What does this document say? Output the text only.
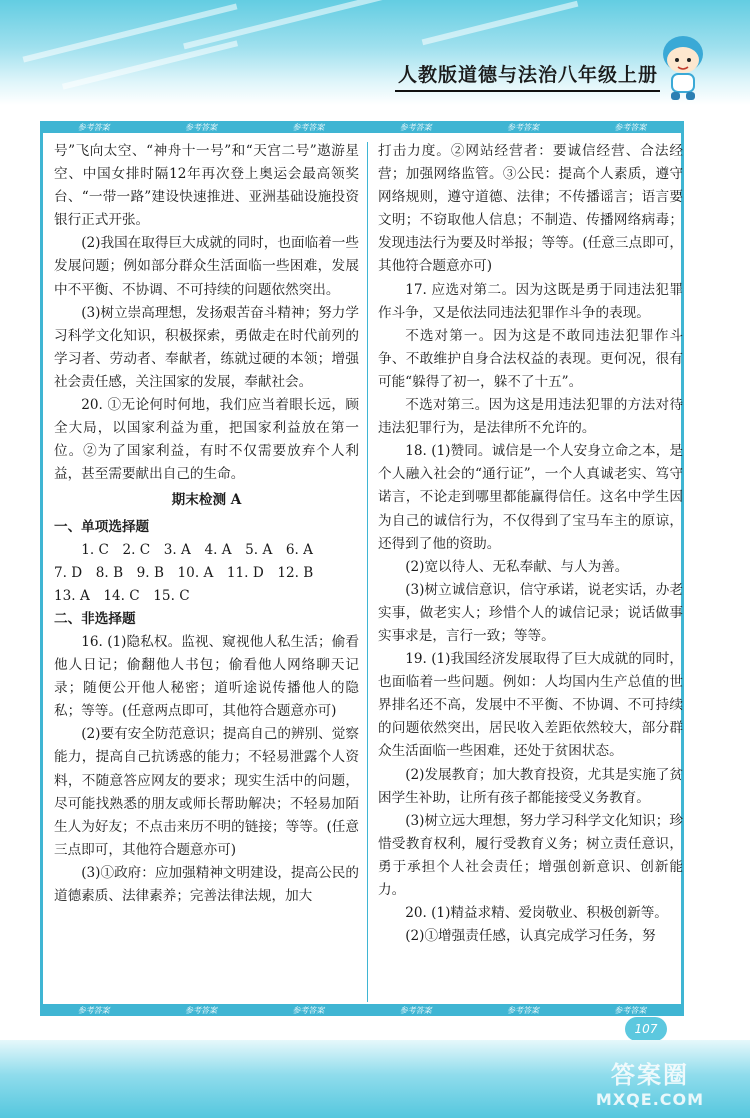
人教版道德与法治八年级上册
参考答案	参考答案	参考答案	参考答案	参考答案	参考答案

号”飞向太空、“神舟十一号”和“天宫二号”遨游星空、中国女排时隔12年再次登上奥运会最高领奖台、“一带一路”建设快速推进、亚洲基础设施投资银行正式开张。

(2)我国在取得巨大成就的同时，也面临着一些发展问题；例如部分群众生活面临一些困难，发展中不平衡、不协调、不可持续的问题依然突出。

(3)树立崇高理想，发扬艰苦奋斗精神；努力学习科学文化知识，积极探索，勇做走在时代前列的学习者、劳动者、奉献者，练就过硬的本领；增强社会责任感，关注国家的发展，奉献社会。

20. ①无论何时何地，我们应当着眼长远，顾全大局，以国家利益为重，把国家利益放在第一位。②为了国家利益，有时不仅需要放弃个人利益，甚至需要献出自己的生命。

期末检测 A

一、单项选择题

1. C　2. C　3. A　4. A　5. A　6. A

7. D　8. B　9. B　10. A　11. D　12. B

13. A　14. C　15. C

二、非选择题

16. (1)隐私权。监视、窥视他人私生活；偷看他人日记；偷翻他人书包；偷看他人网络聊天记录；随便公开他人秘密；道听途说传播他人的隐私；等等。(任意两点即可，其他符合题意亦可)

(2)要有安全防范意识；提高自己的辨别、觉察能力，提高自己抗诱惑的能力；不轻易泄露个人资料，不随意答应网友的要求；现实生活中的问题，尽可能找熟悉的朋友或师长帮助解决；不轻易加陌生人为好友；不点击来历不明的链接；等等。(任意三点即可，其他符合题意亦可)

(3)①政府：应加强精神文明建设，提高公民的道德素质、法律素养；完善法律法规，加大

打击力度。②网站经营者：要诚信经营、合法经营；加强网络监管。③公民：提高个人素质，遵守网络规则，遵守道德、法律；不传播谣言；语言要文明；不窃取他人信息；不制造、传播网络病毒；发现违法行为要及时举报；等等。(任意三点即可，其他符合题意亦可)

17. 应选对第二。因为这既是勇于同违法犯罪作斗争，又是依法同违法犯罪作斗争的表现。

不选对第一。因为这是不敢同违法犯罪作斗争、不敢维护自身合法权益的表现。更何况，很有可能“躲得了初一，躲不了十五”。

不选对第三。因为这是用违法犯罪的方法对待违法犯罪行为，是法律所不允许的。

18. (1)赞同。诚信是一个人安身立命之本，是个人融入社会的“通行证”，一个人真诚老实、笃守诺言，不论走到哪里都能赢得信任。这名中学生因为自己的诚信行为，不仅得到了宝马车主的原谅，还得到了他的资助。

(2)宽以待人、无私奉献、与人为善。

(3)树立诚信意识，信守承诺，说老实话，办老实事，做老实人；珍惜个人的诚信记录；说话做事实事求是，言行一致；等等。

19. (1)我国经济发展取得了巨大成就的同时，也面临着一些问题。例如：人均国内生产总值的世界排名还不高，发展中不平衡、不协调、不可持续的问题依然突出，居民收入差距依然较大，部分群众生活面临一些困难，还处于贫困状态。

(2)发展教育；加大教育投资，尤其是实施了贫困学生补助，让所有孩子都能接受义务教育。

(3)树立远大理想，努力学习科学文化知识；珍惜受教育权利，履行受教育义务；树立责任意识，勇于承担个人社会责任；增强创新意识、创新能力。

20. (1)精益求精、爱岗敬业、积极创新等。

(2)①增强责任感，认真完成学习任务，努

参考答案	参考答案	参考答案	参考答案	参考答案	参考答案
107
答案圈
MXQE.COM
